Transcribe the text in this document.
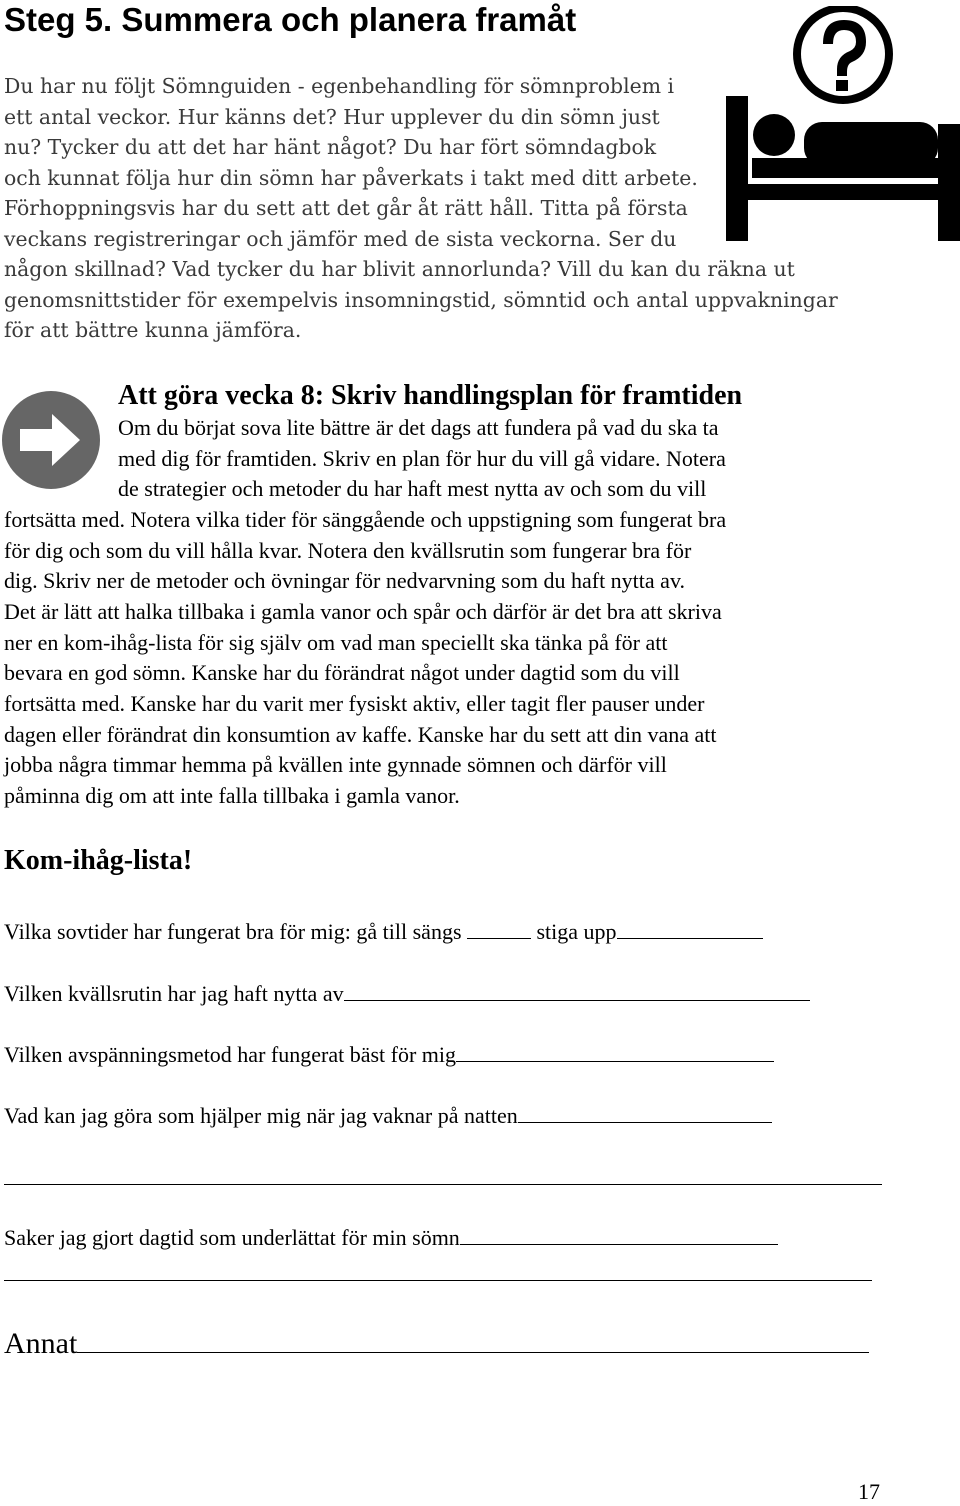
Steg 5. Summera och planera framåt

Du har nu följt Sömnguiden - egenbehandling för sömnproblem i

ett antal veckor. Hur känns det? Hur upplever du din sömn just

nu? Tycker du att det har hänt något? Du har fört sömndagbok

och kunnat följa hur din sömn har påverkats i takt med ditt arbete.

Förhoppningsvis har du sett att det går åt rätt håll. Titta på första

veckans registreringar och jämför med de sista veckorna. Ser du

någon skillnad? Vad tycker du har blivit annorlunda? Vill du kan du räkna ut

genomsnittstider för exempelvis insomningstid, sömntid och antal uppvakningar

för att bättre kunna jämföra.

Att göra vecka 8: Skriv handlingsplan för framtiden

Om du börjat sova lite bättre är det dags att fundera på vad du ska ta

med dig för framtiden. Skriv en plan för hur du vill gå vidare. Notera

de strategier och metoder du har haft mest nytta av och som du vill

fortsätta med. Notera vilka tider för sänggående och uppstigning som fungerat bra

för dig och som du vill hålla kvar. Notera den kvällsrutin som fungerar bra för

dig. Skriv ner de metoder och övningar för nedvarvning som du haft nytta av.

Det är lätt att halka tillbaka i gamla vanor och spår och därför är det bra att skriva

ner en kom-ihåg-lista för sig själv om vad man speciellt ska tänka på för att

bevara en god sömn. Kanske har du förändrat något under dagtid som du vill

fortsätta med. Kanske har du varit mer fysiskt aktiv, eller tagit fler pauser under

dagen eller förändrat din konsumtion av kaffe. Kanske har du sett att din vana att

jobba några timmar hemma på kvällen inte gynnade sömnen och därför vill

påminna dig om att inte falla tillbaka i gamla vanor.

Kom-ihåg-lista!
Vilka sovtider har fungerat bra för mig: gå till sängs	stiga upp
Vilken kvällsrutin har jag haft nytta av
Vilken avspänningsmetod har fungerat bäst för mig
Vad kan jag göra som hjälper mig när jag vaknar på natten
Saker jag gjort dagtid som underlättat för min sömn
Annat
17
